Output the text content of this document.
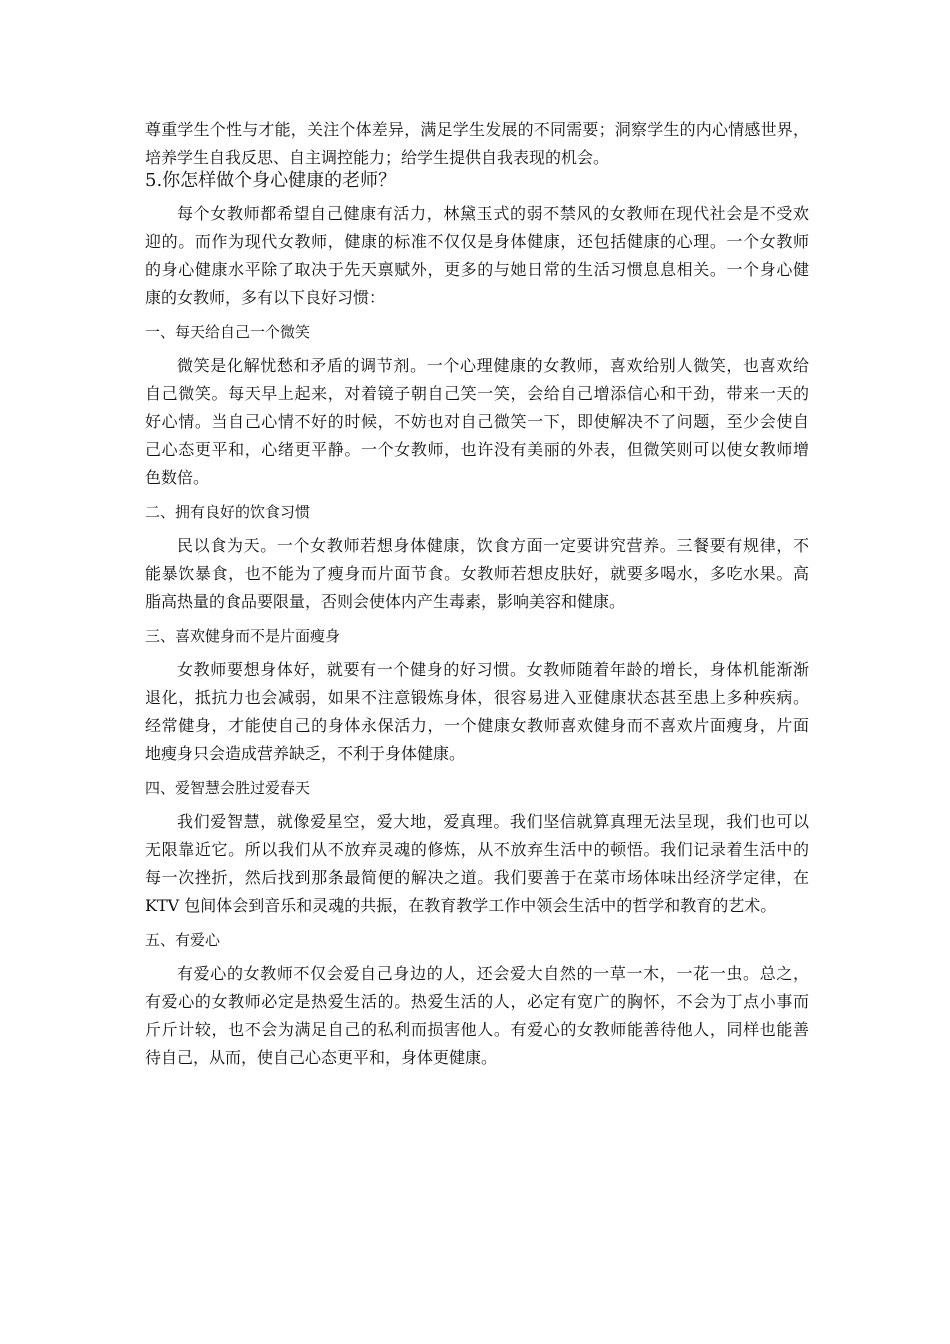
尊重学生个性与才能，关注个体差异，满足学生发展的不同需要；洞察学生的内心情感世界，
培养学生自我反思、自主调控能力；给学生提供自我表现的机会。
5.你怎样做个身心健康的老师？
每个女教师都希望自己健康有活力，林黛玉式的弱不禁风的女教师在现代社会是不受欢
迎的。而作为现代女教师，健康的标准不仅仅是身体健康，还包括健康的心理。一个女教师
的身心健康水平除了取决于先天禀赋外，更多的与她日常的生活习惯息息相关。一个身心健
康的女教师，多有以下良好习惯：
一、每天给自己一个微笑
微笑是化解忧愁和矛盾的调节剂。一个心理健康的女教师，喜欢给别人微笑，也喜欢给
自己微笑。每天早上起来，对着镜子朝自己笑一笑，会给自己增添信心和干劲，带来一天的
好心情。当自己心情不好的时候，不妨也对自己微笑一下，即使解决不了问题，至少会使自
己心态更平和，心绪更平静。一个女教师，也许没有美丽的外表，但微笑则可以使女教师增
色数倍。
二、拥有良好的饮食习惯
民以食为天。一个女教师若想身体健康，饮食方面一定要讲究营养。三餐要有规律，不
能暴饮暴食，也不能为了瘦身而片面节食。女教师若想皮肤好，就要多喝水，多吃水果。高
脂高热量的食品要限量，否则会使体内产生毒素，影响美容和健康。
三、喜欢健身而不是片面瘦身
女教师要想身体好，就要有一个健身的好习惯。女教师随着年龄的增长，身体机能渐渐
退化，抵抗力也会减弱，如果不注意锻炼身体，很容易进入亚健康状态甚至患上多种疾病。
经常健身，才能使自己的身体永保活力，一个健康女教师喜欢健身而不喜欢片面瘦身，片面
地瘦身只会造成营养缺乏，不利于身体健康。
四、爱智慧会胜过爱春天
我们爱智慧，就像爱星空，爱大地，爱真理。我们坚信就算真理无法呈现，我们也可以
无限靠近它。所以我们从不放弃灵魂的修炼，从不放弃生活中的顿悟。我们记录着生活中的
每一次挫折，然后找到那条最简便的解决之道。我们要善于在菜市场体味出经济学定律，在
KTV 包间体会到音乐和灵魂的共振，在教育教学工作中领会生活中的哲学和教育的艺术。
五、有爱心
有爱心的女教师不仅会爱自己身边的人，还会爱大自然的一草一木，一花一虫。总之，
有爱心的女教师必定是热爱生活的。热爱生活的人，必定有宽广的胸怀，不会为丁点小事而
斤斤计较，也不会为满足自己的私利而损害他人。有爱心的女教师能善待他人，同样也能善
待自己，从而，使自己心态更平和，身体更健康。
